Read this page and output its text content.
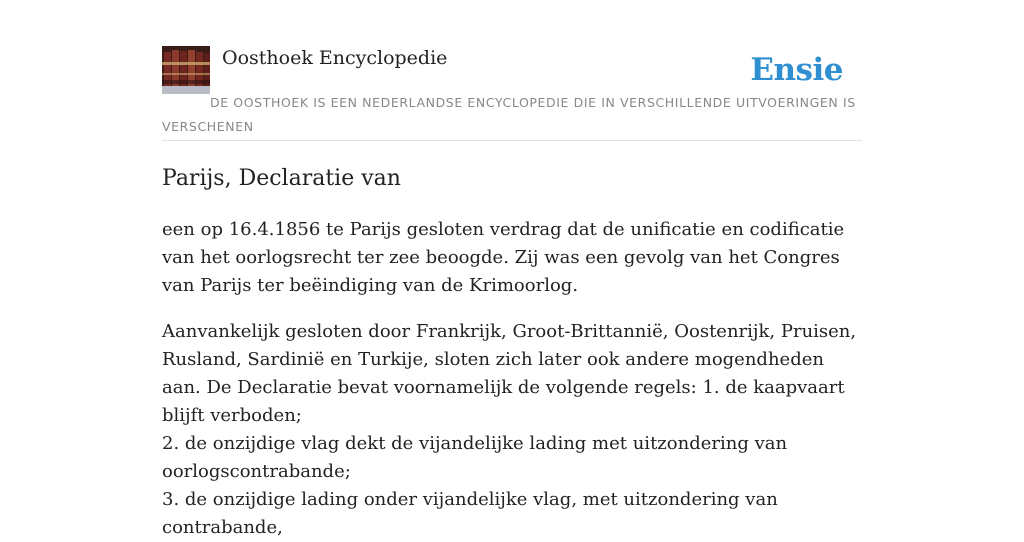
Oosthoek Encyclopedie	Ensie
DE OOSTHOEK IS EEN NEDERLANDSE ENCYCLOPEDIE DIE IN VERSCHILLENDE UITVOERINGEN IS VERSCHENEN
Parijs, Declaratie van

een op 16.4.1856 te Parijs gesloten verdrag dat de unificatie en codificatie van het oorlogsrecht ter zee beoogde. Zij was een gevolg van het Congres van Parijs ter beëindiging van de Krimoorlog.

Aanvankelijk gesloten door Frankrijk, Groot-Brittannië, Oostenrijk, Pruisen, Rusland, Sardinië en Turkije, sloten zich later ook andere mogendheden aan. De Declaratie bevat voornamelijk de volgende regels: 1. de kaapvaart blijft verboden;
2. de onzijdige vlag dekt de vijandelijke lading met uitzondering van oorlogscontrabande;
3. de onzijdige lading onder vijandelijke vlag, met uitzondering van contrabande,
